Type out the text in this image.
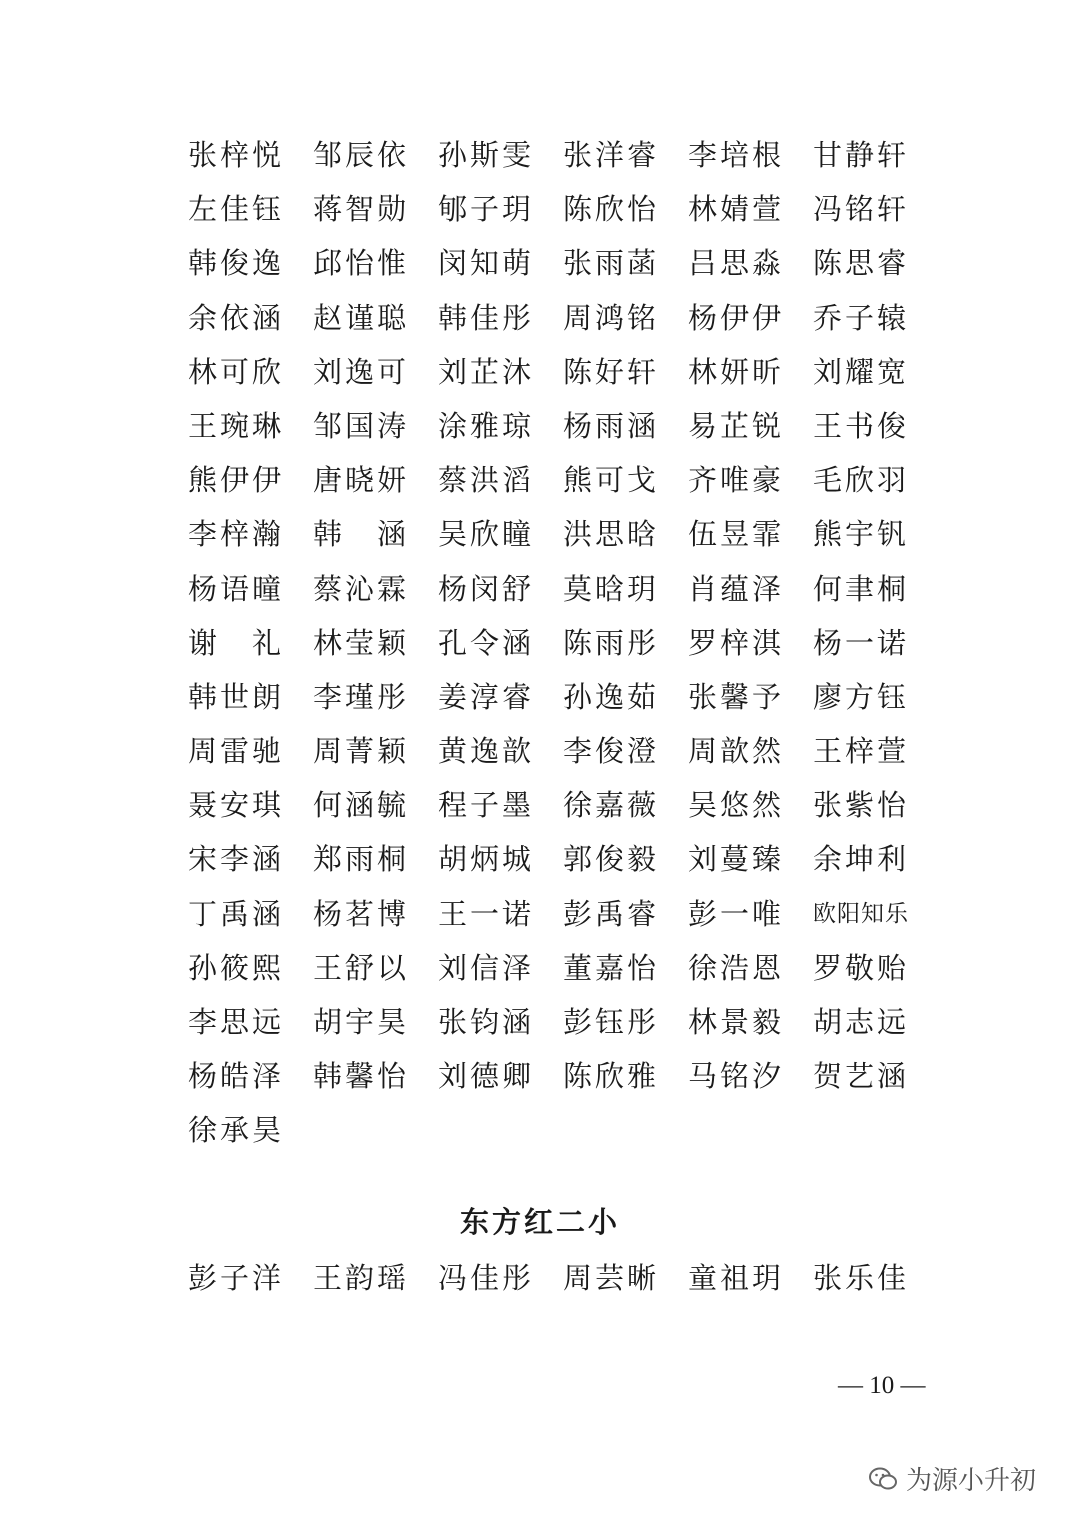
张梓悦 邹辰依 孙斯雯 张洋睿 李培根 甘静轩
左佳钰 蒋智勋 郇子玥 陈欣怡 林婧萱 冯铭轩
韩俊逸 邱怡惟 闵知萌 张雨菡 吕思淼 陈思睿
余依涵 赵谨聪 韩佳彤 周鸿铭 杨伊伊 乔子辕
林可欣 刘逸可 刘芷沐 陈好轩 林妍昕 刘耀宽
王琬琳 邹国涛 涂雅琼 杨雨涵 易芷锐 王书俊
熊伊伊 唐晓妍 蔡洪滔 熊可戈 齐唯豪 毛欣羽
李梓瀚 韩　涵 吴欣瞳 洪思晗 伍昱霏 熊宇钒
杨语曈 蔡沁霖 杨闵舒 莫晗玥 肖蕴泽 何聿桐
谢　礼 林莹颖 孔令涵 陈雨彤 罗梓淇 杨一诺
韩世朗 李瑾彤 姜淳睿 孙逸茹 张馨予 廖方钰
周雷驰 周菁颖 黄逸歆 李俊澄 周歆然 王梓萱
聂安琪 何涵毓 程子墨 徐嘉薇 吴悠然 张紫怡
宋李涵 郑雨桐 胡炳城 郭俊毅 刘蔓臻 余坤利
丁禹涵 杨茗博 王一诺 彭禹睿 彭一唯	欧阳知乐
孙筱熙 王舒以 刘信泽 董嘉怡 徐浩恩 罗敬贻
李思远 胡宇昊 张钧涵 彭钰彤 林景毅 胡志远
杨皓泽 韩馨怡 刘德卿 陈欣雅 马铭汐 贺艺涵
徐承昊
东方红二小
彭子洋 王韵瑶 冯佳彤 周芸晰 童祖玥 张乐佳
— 10 —
为源小升初
